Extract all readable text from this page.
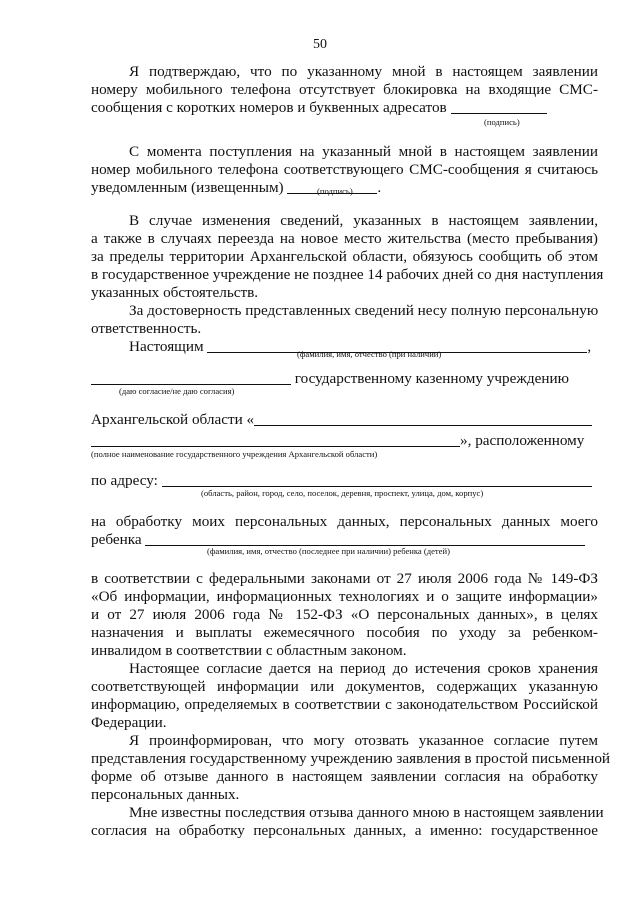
50
Я подтверждаю, что по указанному мной в настоящем заявлении
номеру мобильного телефона отсутствует блокировка на входящие СМС-
сообщения с коротких номеров и буквенных адресатов
(подпись)
С момента поступления на указанный мной в настоящем заявлении
номер мобильного телефона соответствующего СМС-сообщения я считаюсь
уведомленным (извещенным)	.
(подпись)
В случае изменения сведений, указанных в настоящем заявлении,
а также в случаях переезда на новое место жительства (место пребывания)
за пределы территории Архангельской области, обязуюсь сообщить об этом
в государственное учреждение не позднее 14 рабочих дней со дня наступления
указанных обстоятельств.
За достоверность представленных сведений несу полную персональную
ответственность.
Настоящим	,
(фамилия, имя, отчество (при наличии)
государственному казенному учреждению
(даю согласие/не даю согласия)
Архангельской области «
», расположенному
(полное наименование государственного учреждения Архангельской области)
по адресу:
(область, район, город, село, поселок, деревня, проспект, улица, дом, корпус)
на обработку моих персональных данных, персональных данных моего
ребенка
(фамилия, имя, отчество (последнее при наличии) ребенка (детей)
в соответствии с федеральными законами от 27 июля 2006 года № 149-ФЗ
«Об информации, информационных технологиях и о защите информации»
и от 27 июля 2006 года № 152-ФЗ «О персональных данных», в целях
назначения и выплаты ежемесячного пособия по уходу за ребенком-
инвалидом в соответствии с областным законом.
Настоящее согласие дается на период до истечения сроков хранения
соответствующей информации или документов, содержащих указанную
информацию, определяемых в соответствии с законодательством Российской
Федерации.
Я проинформирован, что могу отозвать указанное согласие путем
представления государственному учреждению заявления в простой письменной
форме об отзыве данного в настоящем заявлении согласия на обработку
персональных данных.
Мне известны последствия отзыва данного мною в настоящем заявлении
согласия на обработку персональных данных, а именно: государственное
